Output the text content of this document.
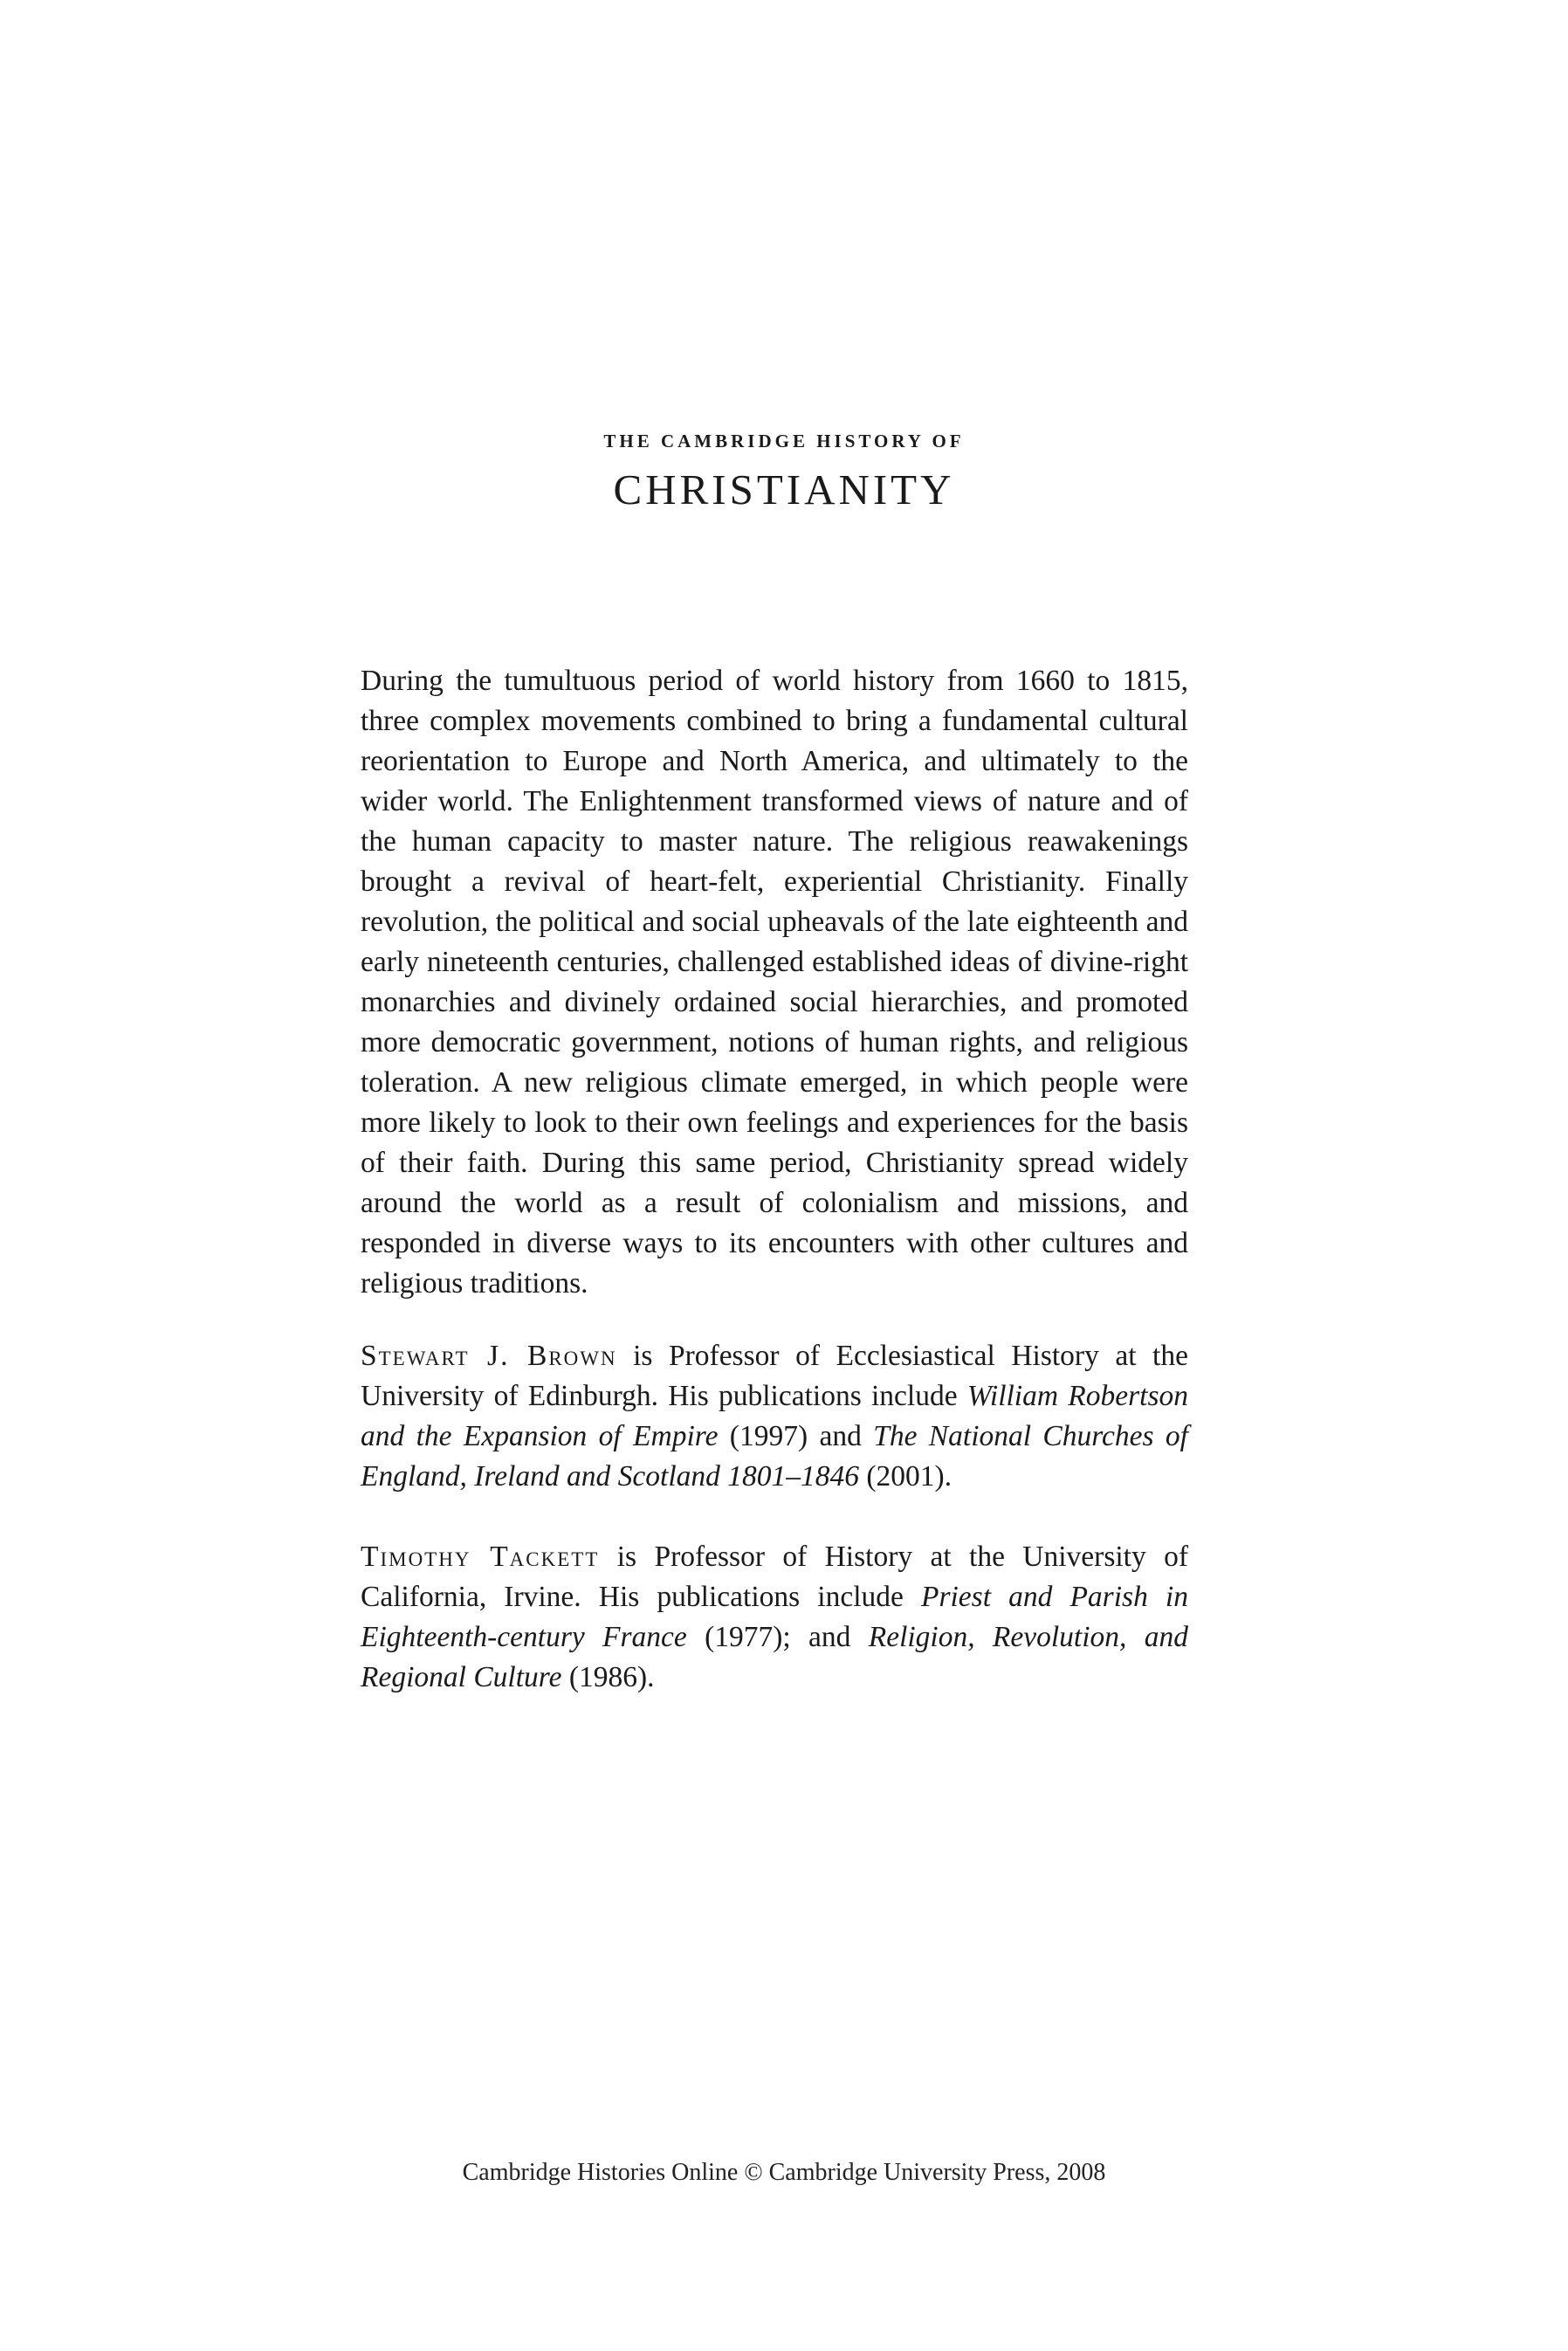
THE CAMBRIDGE HISTORY OF
CHRISTIANITY

During the tumultuous period of world history from 1660 to 1815, three complex movements combined to bring a fundamental cultural reorientation to Europe and North America, and ultimately to the wider world. The Enlightenment transformed views of nature and of the human capacity to master nature. The religious reawakenings brought a revival of heart-felt, experiential Christianity. Finally revolution, the political and social upheavals of the late eighteenth and early nineteenth centuries, challenged established ideas of divine-right monarchies and divinely ordained social hierarchies, and promoted more democratic government, notions of human rights, and religious toleration. A new religious climate emerged, in which people were more likely to look to their own feelings and experiences for the basis of their faith. During this same period, Christianity spread widely around the world as a result of colonialism and missions, and responded in diverse ways to its encounters with other cultures and religious traditions.

Stewart J. Brown is Professor of Ecclesiastical History at the University of Edinburgh. His publications include William Robertson and the Expansion of Empire (1997) and The National Churches of England, Ireland and Scotland 1801–1846 (2001).

Timothy Tackett is Professor of History at the University of California, Irvine. His publications include Priest and Parish in Eighteenth-century France (1977); and Religion, Revolution, and Regional Culture (1986).

Cambridge Histories Online © Cambridge University Press, 2008
